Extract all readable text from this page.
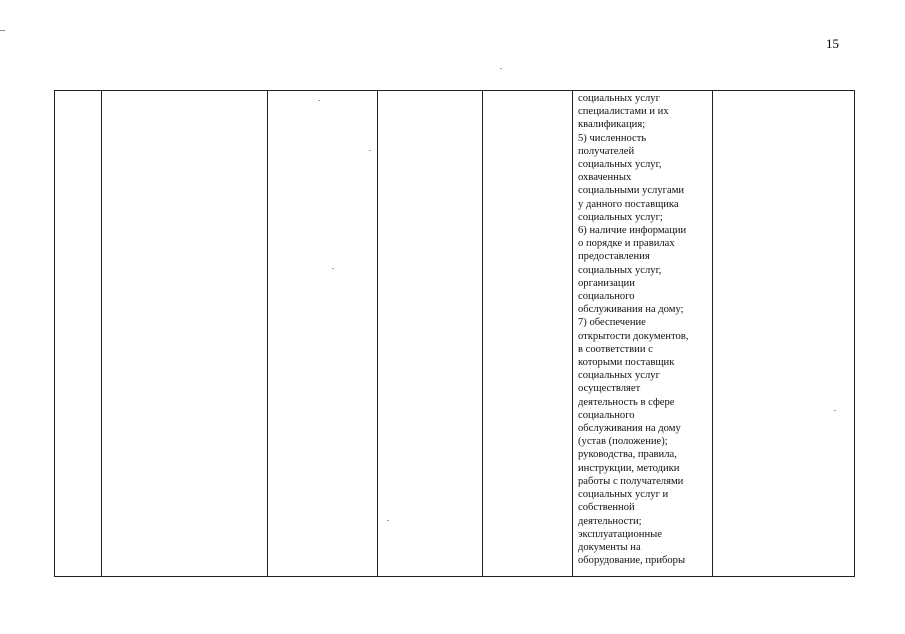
15

социальных услуг
специалистами и их
квалификация;
5) численность
получателей
социальных услуг,
охваченных
социальными услугами
у данного поставщика
социальных услуг;
6) наличие информации
о порядке и правилах
предоставления
социальных услуг,
организации
социального
обслуживания на дому;
7) обеспечение
открытости документов,
в соответствии с
которыми поставщик
социальных услуг
осуществляет
деятельность в сфере
социального
обслуживания на дому
(устав (положение);
руководства, правила,
инструкции, методики
работы с получателями
социальных услуг и
собственной
деятельности;
эксплуатационные
документы на
оборудование, приборы
